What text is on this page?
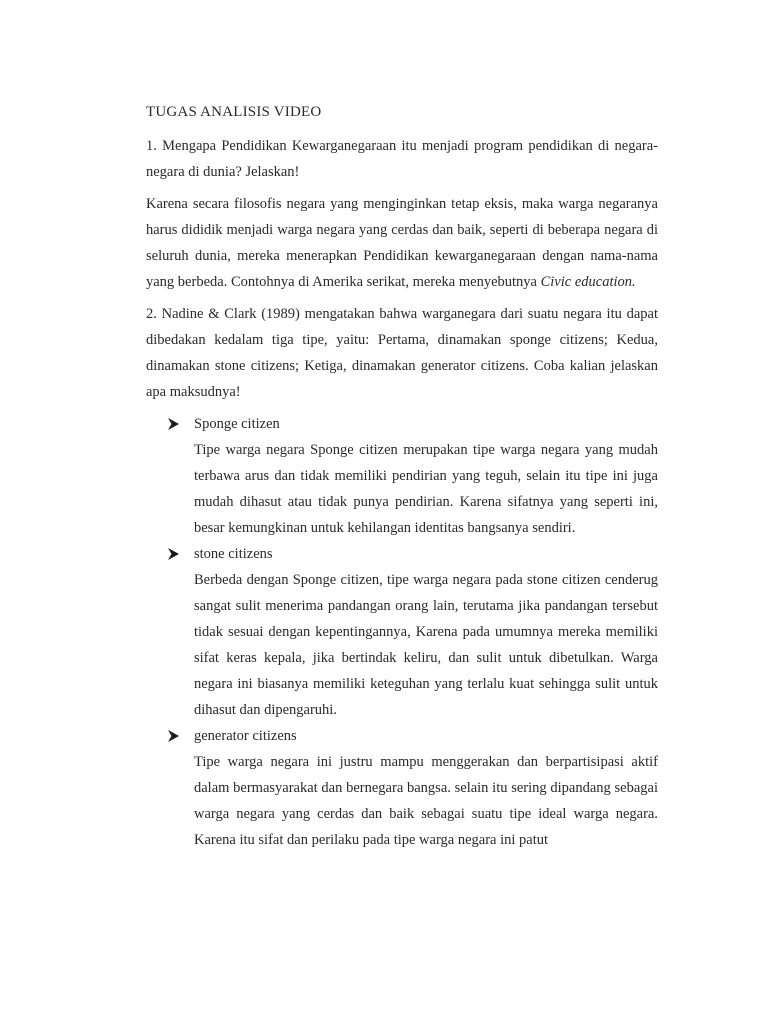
TUGAS ANALISIS VIDEO

1. Mengapa Pendidikan Kewarganegaraan itu menjadi program pendidikan di negara-negara di dunia? Jelaskan!

Karena secara filosofis negara yang menginginkan tetap eksis, maka warga negaranya harus dididik menjadi warga negara yang cerdas dan baik, seperti di beberapa negara di seluruh dunia, mereka menerapkan Pendidikan kewarganegaraan dengan nama-nama yang berbeda. Contohnya di Amerika serikat, mereka menyebutnya Civic education.

2. Nadine & Clark (1989) mengatakan bahwa warganegara dari suatu negara itu dapat dibedakan kedalam tiga tipe, yaitu: Pertama, dinamakan sponge citizens; Kedua, dinamakan stone citizens; Ketiga, dinamakan generator citizens. Coba kalian jelaskan apa maksudnya!

Sponge citizen

Tipe warga negara Sponge citizen merupakan tipe warga negara yang mudah terbawa arus dan tidak memiliki pendirian yang teguh, selain itu tipe ini juga mudah dihasut atau tidak punya pendirian. Karena sifatnya yang seperti ini, besar kemungkinan untuk kehilangan identitas bangsanya sendiri.

stone citizens

Berbeda dengan Sponge citizen, tipe warga negara pada stone citizen cenderug sangat sulit menerima pandangan orang lain, terutama jika pandangan tersebut tidak sesuai dengan kepentingannya, Karena pada umumnya mereka memiliki sifat keras kepala, jika bertindak keliru, dan sulit untuk dibetulkan. Warga negara ini biasanya memiliki keteguhan yang terlalu kuat sehingga sulit untuk dihasut dan dipengaruhi.

generator citizens

Tipe warga negara ini justru mampu menggerakan dan berpartisipasi aktif dalam bermasyarakat dan bernegara bangsa. selain itu sering dipandang sebagai warga negara yang cerdas dan baik sebagai suatu tipe ideal warga negara. Karena itu sifat dan perilaku pada tipe warga negara ini patut
